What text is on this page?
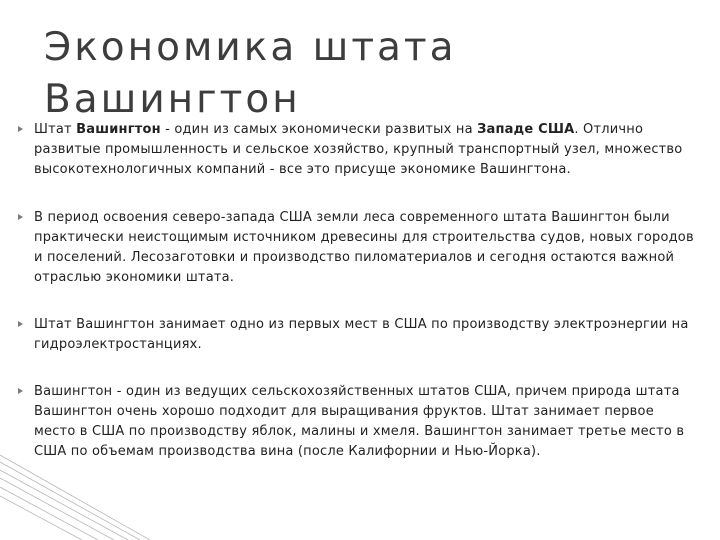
Экономика штата Вашингтон
Штат Вашингтон - один из самых экономически развитых на Западе США. Отлично развитые промышленность и сельское хозяйство, крупный транспортный узел, множество высокотехнологичных компаний - все это присуще экономике Вашингтона.
В период освоения северо-запада США земли леса современного штата Вашингтон были практически неистощимым источником древесины для строительства судов, новых городов и поселений. Лесозаготовки и производство пиломатериалов и сегодня остаются важной отраслью экономики штата.
Штат Вашингтон занимает одно из первых мест в США по производству электроэнергии на гидроэлектростанциях.
Вашингтон - один из ведущих сельскохозяйственных штатов США, причем природа штата Вашингтон очень хорошо подходит для выращивания фруктов. Штат занимает первое место в США по производству яблок, малины и хмеля. Вашингтон занимает третье место в США по объемам производства вина (после Калифорнии и Нью-Йорка).
